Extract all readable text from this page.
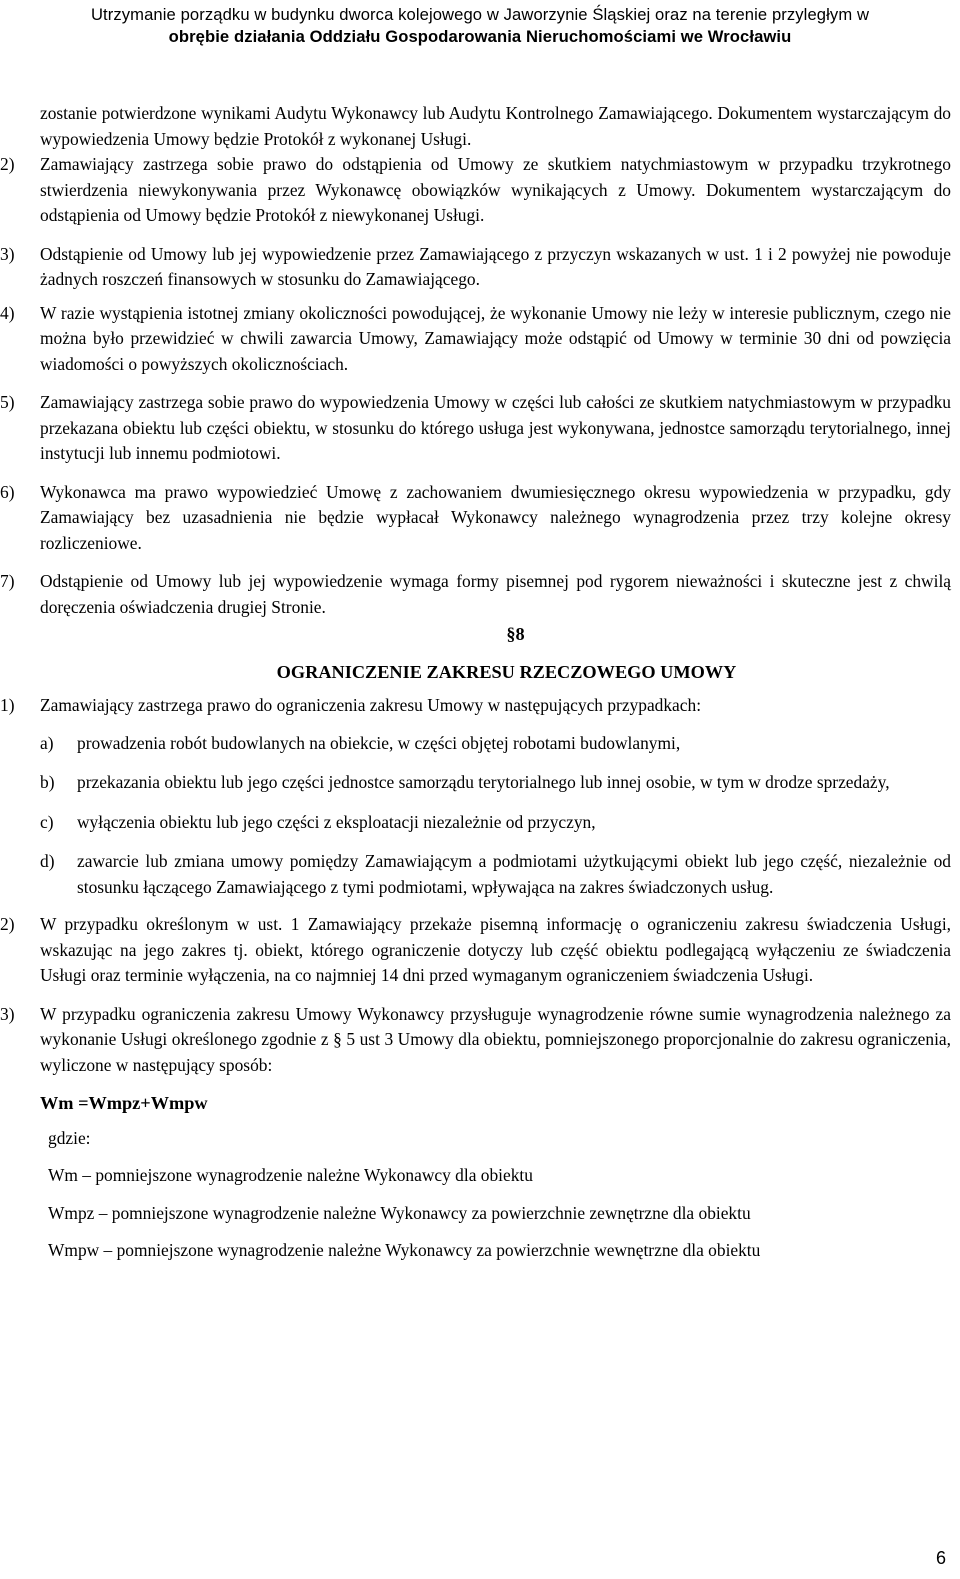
Utrzymanie porządku w budynku dworca kolejowego w Jaworzynie Śląskiej oraz na terenie przyległym w
obrębie działania Oddziału Gospodarowania Nieruchomościami we Wrocławiu
zostanie potwierdzone wynikami Audytu Wykonawcy lub Audytu Kontrolnego Zamawiającego. Dokumentem wystarczającym do wypowiedzenia Umowy będzie Protokół z wykonanej Usługi.
2)	Zamawiający zastrzega sobie prawo do odstąpienia od Umowy ze skutkiem natychmiastowym w przypadku trzykrotnego stwierdzenia niewykonywania przez Wykonawcę obowiązków wynikających z Umowy. Dokumentem wystarczającym do odstąpienia od Umowy będzie Protokół z niewykonanej Usługi.
3)	Odstąpienie od Umowy lub jej wypowiedzenie przez Zamawiającego z przyczyn wskazanych w ust. 1 i 2 powyżej nie powoduje żadnych roszczeń finansowych w stosunku do Zamawiającego.
4)	W razie wystąpienia istotnej zmiany okoliczności powodującej, że wykonanie Umowy nie leży w interesie publicznym, czego nie można było przewidzieć w chwili zawarcia Umowy, Zamawiający może odstąpić od Umowy w terminie 30 dni od powzięcia wiadomości o powyższych okolicznościach.
5)	Zamawiający zastrzega sobie prawo do wypowiedzenia Umowy w części lub całości ze skutkiem natychmiastowym w przypadku przekazana obiektu lub części obiektu, w stosunku do którego usługa jest wykonywana, jednostce samorządu terytorialnego, innej instytucji lub innemu podmiotowi.
6)	Wykonawca ma prawo wypowiedzieć Umowę z zachowaniem dwumiesięcznego okresu wypowiedzenia w przypadku, gdy Zamawiający bez uzasadnienia nie będzie wypłacał Wykonawcy należnego wynagrodzenia przez trzy kolejne okresy rozliczeniowe.
7)	Odstąpienie od Umowy lub jej wypowiedzenie wymaga formy pisemnej pod rygorem nieważności i skuteczne jest z chwilą doręczenia oświadczenia drugiej Stronie.
§8
OGRANICZENIE ZAKRESU RZECZOWEGO UMOWY
1)	Zamawiający zastrzega prawo do ograniczenia zakresu Umowy w następujących przypadkach:
a)	prowadzenia robót budowlanych na obiekcie, w części objętej robotami budowlanymi,
b)	przekazania obiektu lub jego części jednostce samorządu terytorialnego lub innej osobie, w tym w drodze sprzedaży,
c)	wyłączenia obiektu lub jego części z eksploatacji niezależnie od przyczyn,
d)	zawarcie lub zmiana umowy pomiędzy Zamawiającym a podmiotami użytkującymi obiekt lub jego część, niezależnie od stosunku łączącego Zamawiającego z tymi podmiotami, wpływająca na zakres świadczonych usług.
2)	W przypadku określonym w ust. 1 Zamawiający przekaże pisemną informację o ograniczeniu zakresu świadczenia Usługi, wskazując na jego zakres tj. obiekt, którego ograniczenie dotyczy lub część obiektu podlegającą wyłączeniu ze świadczenia Usługi oraz terminie wyłączenia, na co najmniej 14 dni przed wymaganym ograniczeniem świadczenia Usługi.
3)	W przypadku ograniczenia zakresu Umowy Wykonawcy przysługuje wynagrodzenie równe sumie wynagrodzenia należnego za wykonanie Usługi określonego zgodnie z § 5 ust 3 Umowy dla obiektu, pomniejszonego proporcjonalnie do zakresu ograniczenia, wyliczone w następujący sposób:
Wm =Wmpz+Wmpw
gdzie:
Wm – pomniejszone wynagrodzenie należne Wykonawcy dla obiektu
Wmpz – pomniejszone wynagrodzenie należne Wykonawcy za powierzchnie zewnętrzne dla obiektu
Wmpw – pomniejszone wynagrodzenie należne Wykonawcy za powierzchnie wewnętrzne dla obiektu
6
